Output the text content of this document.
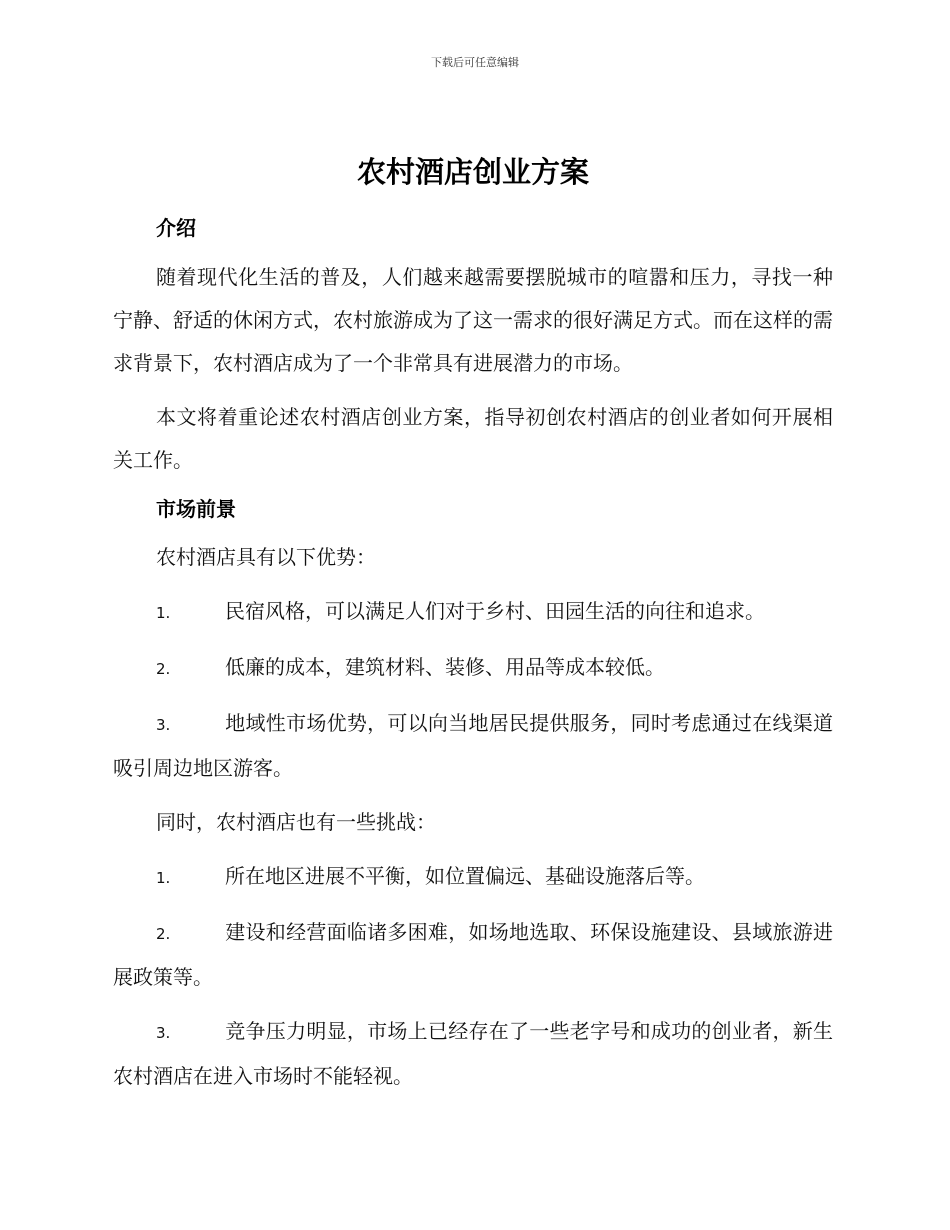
下载后可任意编辑
农村酒店创业方案
介绍

随着现代化生活的普及，人们越来越需要摆脱城市的喧嚣和压力，寻找一种宁静、舒适的休闲方式，农村旅游成为了这一需求的很好满足方式。而在这样的需求背景下，农村酒店成为了一个非常具有进展潜力的市场。

本文将着重论述农村酒店创业方案，指导初创农村酒店的创业者如何开展相关工作。

市场前景

农村酒店具有以下优势：

1.	民宿风格，可以满足人们对于乡村、田园生活的向往和追求。

2.	低廉的成本，建筑材料、装修、用品等成本较低。

3.	地域性市场优势，可以向当地居民提供服务，同时考虑通过在线渠道吸引周边地区游客。

同时，农村酒店也有一些挑战：

1.	所在地区进展不平衡，如位置偏远、基础设施落后等。

2.	建设和经营面临诸多困难，如场地选取、环保设施建设、县域旅游进展政策等。

3.	竞争压力明显，市场上已经存在了一些老字号和成功的创业者，新生农村酒店在进入市场时不能轻视。
